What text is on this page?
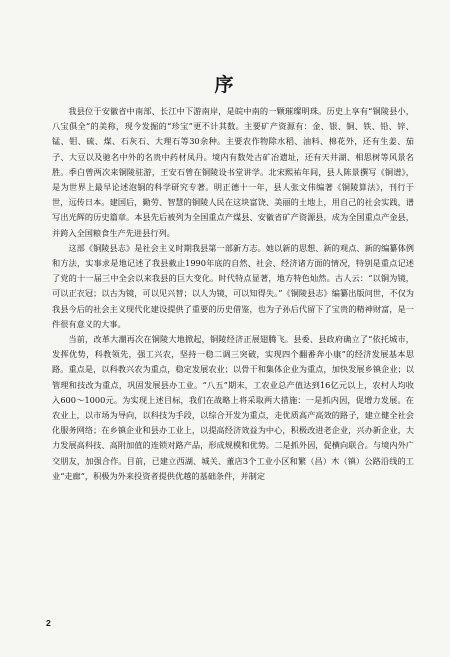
序

我县位于安徽省中南部、长江中下游南岸，是皖中南的一颗璀璨明珠。历史上享有“铜陵县小，八宝俱全”的美称，现今发掘的“珍宝”更不计其数。主要矿产资源有：金、银、铜、铁、铅、锌、锰、钼、硫、煤、石灰石、大理石等30余种。主要农作物除水稻、油料、棉花外，还有生姜、茄子、大豆以及驰名中外的名贵中药材凤丹。境内有数处古矿冶遗址，还有天井湖、相思树等风景名胜。季白曾两次来铜陵驻游，王安石曾在铜陵设书堂讲学。北宋熙祐年间，县人陈景撰写《铜谱》，是为世界上最早论述泡铜的科学研究专著。明正德十一年，县人张文伟编著《铜陵算法》，刊行于世，远传日本。建国后，勤劳、智慧的铜陵人民在这块富饶、美丽的土地上，用自己的社会实践，谱写出光辉的历史篇章。本县先后被列为全国重点产煤县、安徽省矿产资源县，成为全国重点产金县，并跨入全国粮食生产先进县行列。

这部《铜陵县志》是社会主义时期我县第一部新方志。她以新的思想、新的观点、新的编纂体例和方法，实事求是地记述了我县截止1990年底的自然、社会、经济诸方面的情况，特别是重点记述了党的十一届三中全会以来我县的巨大变化。时代特点显著，地方特色灿然。古人云：“以铜为镜，可以正衣冠；以古为镜，可以见兴替；以人为镜，可以知得失。”《铜陵县志》编纂出版问世，不仅为我县今后的社会主义现代化建设提供了重要的历史借鉴，也为子孙后代留下了宝贵的精神财富，是一件很有意义的大事。

当前，改革大潮再次在铜陵大地掀起，铜陵经济正展翅腾飞。县委、县政府确立了“依托城市，发挥优势，科教领先，强工兴农，坚持一稳二调三突破，实现四个翻番奔小康”的经济发展基本思路。重点是，以科教兴农为重点，稳定发展农业；以骨干和集体企业为重点，加快发展乡镇企业；以管理和技改为重点，巩固发展县办工业。“八五”期末，工农业总产值达到16亿元以上，农村人均收入600～1000元。为实现上述目标，我们在战略上将采取两大措施：一是抓内因，促增力发展。在农业上，以市场为导向，以科技为手段，以综合开发为重点，走优质高产高效的路子，建立健全社会化服务网络；在乡镇企业和县办工业上，以提高经济效益为中心，积极改进老企业，兴办新企业，大力发展高科技、高附加值的连锁对路产品，形成规模和优势。二是抓外因，促横向联合。与境内外广交朋友，加强合作。目前，已建立西湖、城关、董店3个工业小区和繁（昌）木（镇）公路沿线的工业“走廊”，积极为外来投资者提供优越的基础条件，并制定

2
